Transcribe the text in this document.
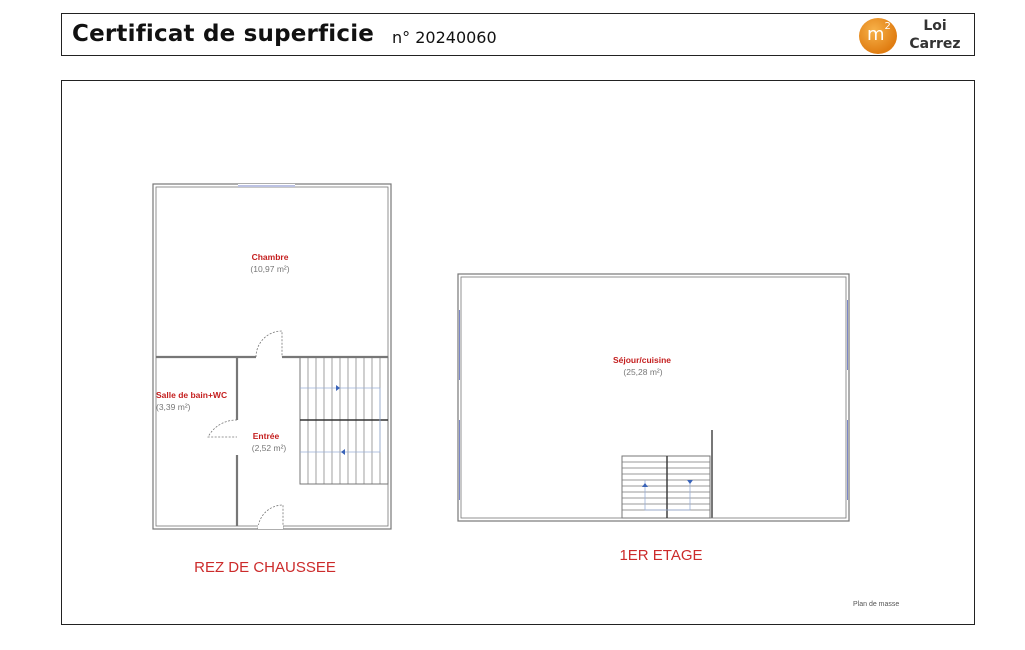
Certificat de superficie n° 20240060	$m^2$	Loi
Carrez
Chambre
(10,97 m²)
Salle de bain+WC
(3,39 m²)
Entrée
(2,52 m²)
Séjour/cuisine
(25,28 m²)
REZ DE CHAUSSEE
1ER ETAGE
Plan de masse
